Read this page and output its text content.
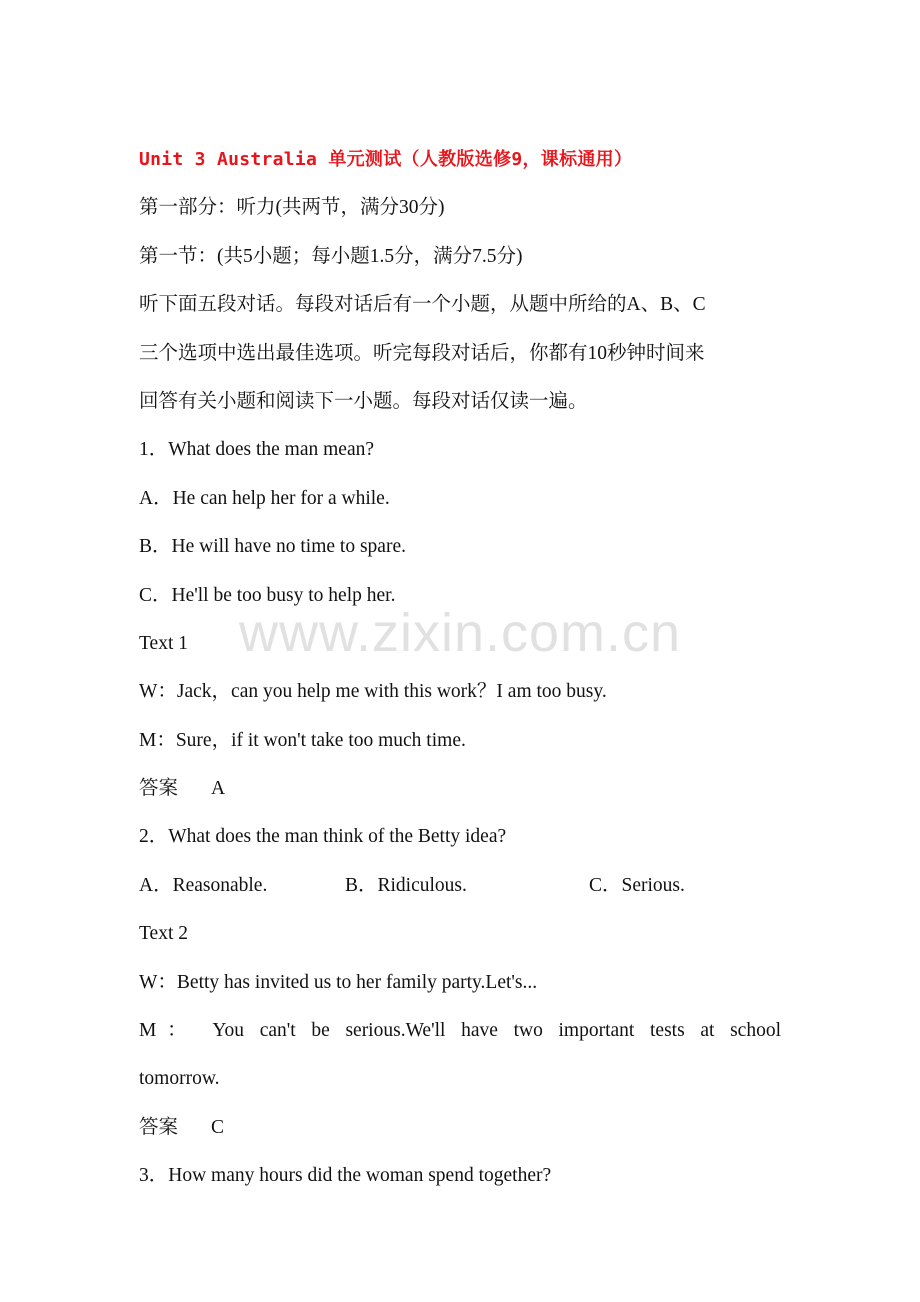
Unit 3 Australia 单元测试（人教版选修9，课标通用）
第一部分：听力(共两节，满分30分)
第一节：(共5小题；每小题1.5分，满分7.5分)
听下面五段对话。每段对话后有一个小题，从题中所给的A、B、C
三个选项中选出最佳选项。听完每段对话后，你都有10秒钟时间来
回答有关小题和阅读下一小题。每段对话仅读一遍。
1．What does the man mean?
A．He can help her for a while.
B．He will have no time to spare.
C．He'll be too busy to help her.
Text 1
W：Jack，can you help me with this work？I am too busy.
M：Sure，if it won't take too much time.
答案 A
2．What does the man think of the Betty idea?
A．Reasonable.	B．Ridiculous.	C．Serious.
Text 2
W：Betty has invited us to her family party.Let's...
M： You can't be serious.We'll have two important tests at school
tomorrow.
答案 C
3．How many hours did the woman spend together?
www.zixin.com.cn
